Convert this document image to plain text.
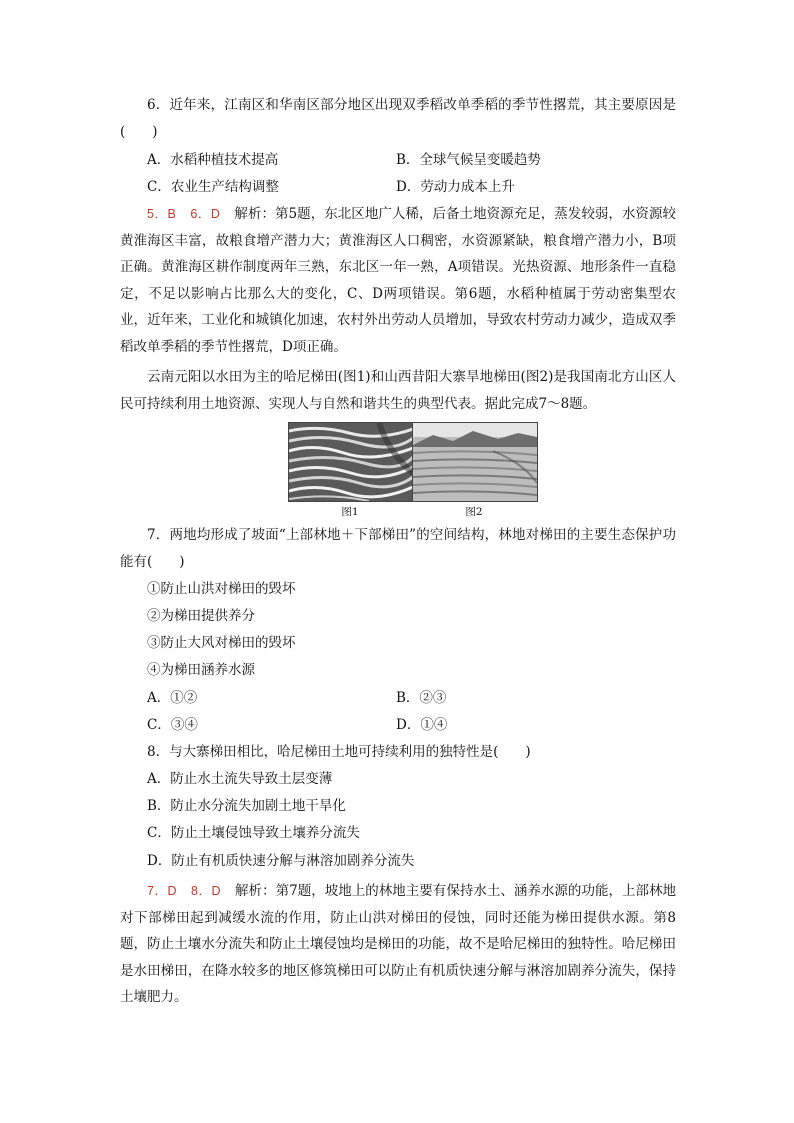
6．近年来，江南区和华南区部分地区出现双季稻改单季稻的季节性撂荒，其主要原因是(　　)

A．水稻种植技术提高	B．全球气候呈变暖趋势

C．农业生产结构调整	D．劳动力成本上升

5．B 6．D 解析：第5题，东北区地广人稀，后备土地资源充足，蒸发较弱，水资源较黄淮海区丰富，故粮食增产潜力大；黄淮海区人口稠密，水资源紧缺，粮食增产潜力小，B项正确。黄淮海区耕作制度两年三熟，东北区一年一熟，A项错误。光热资源、地形条件一直稳定，不足以影响占比那么大的变化，C、D两项错误。第6题，水稻种植属于劳动密集型农业，近年来，工业化和城镇化加速，农村外出劳动人员增加，导致农村劳动力减少，造成双季稻改单季稻的季节性撂荒，D项正确。

云南元阳以水田为主的哈尼梯田(图1)和山西昔阳大寨旱地梯田(图2)是我国南北方山区人民可持续利用土地资源、实现人与自然和谐共生的典型代表。据此完成7～8题。

图1	图2

7．两地均形成了坡面“上部林地＋下部梯田”的空间结构，林地对梯田的主要生态保护功能有(　　)

①防止山洪对梯田的毁坏

②为梯田提供养分

③防止大风对梯田的毁坏

④为梯田涵养水源

A．①②	B．②③

C．③④	D．①④

8．与大寨梯田相比，哈尼梯田土地可持续利用的独特性是(　　)

A．防止水土流失导致土层变薄

B．防止水分流失加剧土地干旱化

C．防止土壤侵蚀导致土壤养分流失

D．防止有机质快速分解与淋溶加剧养分流失

7．D 8．D 解析：第7题，坡地上的林地主要有保持水土、涵养水源的功能，上部林地对下部梯田起到减缓水流的作用，防止山洪对梯田的侵蚀，同时还能为梯田提供水源。第8题，防止土壤水分流失和防止土壤侵蚀均是梯田的功能，故不是哈尼梯田的独特性。哈尼梯田是水田梯田，在降水较多的地区修筑梯田可以防止有机质快速分解与淋溶加剧养分流失，保持土壤肥力。
